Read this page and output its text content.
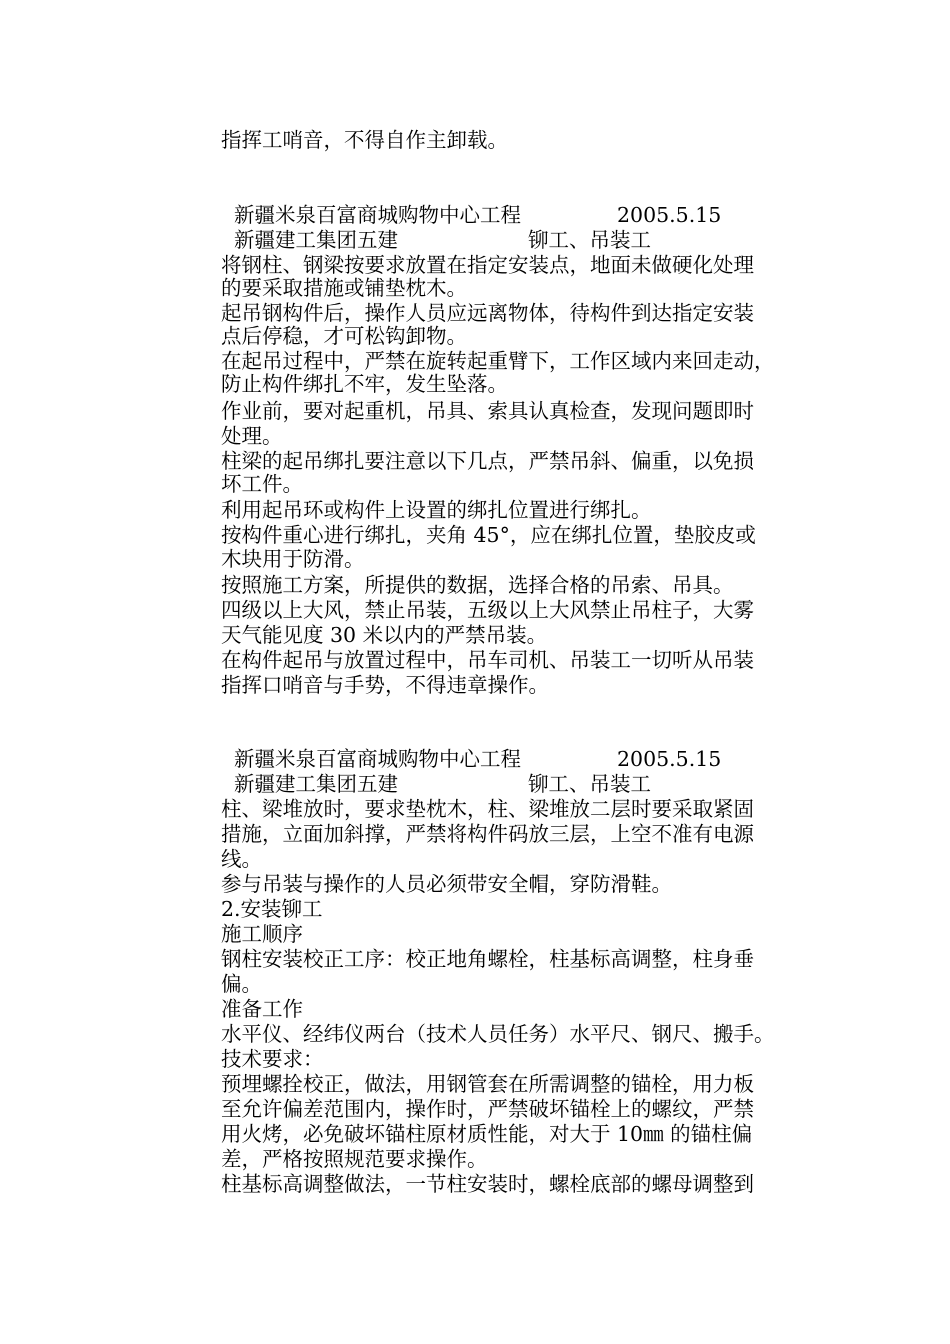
指挥工哨音，不得自作主卸载。
新疆米泉百富商城购物中心工程	2005.5.15
新疆建工集团五建	铆工、吊装工
将钢柱、钢梁按要求放置在指定安装点，地面未做硬化处理
的要采取措施或铺垫枕木。
起吊钢构件后，操作人员应远离物体，待构件到达指定安装
点后停稳，才可松钩卸物。
在起吊过程中，严禁在旋转起重臂下，工作区域内来回走动，
防止构件绑扎不牢，发生坠落。
作业前，要对起重机，吊具、索具认真检查，发现问题即时
处理。
柱梁的起吊绑扎要注意以下几点，严禁吊斜、偏重，以免损
坏工件。
利用起吊环或构件上设置的绑扎位置进行绑扎。
按构件重心进行绑扎，夹角 45°，应在绑扎位置，垫胶皮或
木块用于防滑。
按照施工方案，所提供的数据，选择合格的吊索、吊具。
四级以上大风，禁止吊装，五级以上大风禁止吊柱子，大雾
天气能见度 30 米以内的严禁吊装。
在构件起吊与放置过程中，吊车司机、吊装工一切听从吊装
指挥口哨音与手势，不得违章操作。
新疆米泉百富商城购物中心工程	2005.5.15
新疆建工集团五建	铆工、吊装工
柱、梁堆放时，要求垫枕木，柱、梁堆放二层时要采取紧固
措施，立面加斜撑，严禁将构件码放三层，上空不准有电源
线。
参与吊装与操作的人员必须带安全帽，穿防滑鞋。
2.安装铆工
施工顺序
钢柱安装校正工序：校正地角螺栓，柱基标高调整，柱身垂
偏。
准备工作
水平仪、经纬仪两台（技术人员任务）水平尺、钢尺、搬手。
技术要求：
预埋螺拴校正，做法，用钢管套在所需调整的锚栓，用力板
至允许偏差范围内，操作时，严禁破坏锚栓上的螺纹，严禁
用火烤，必免破坏锚柱原材质性能，对大于 10㎜ 的锚柱偏
差，严格按照规范要求操作。
柱基标高调整做法，一节柱安装时，螺栓底部的螺母调整到
